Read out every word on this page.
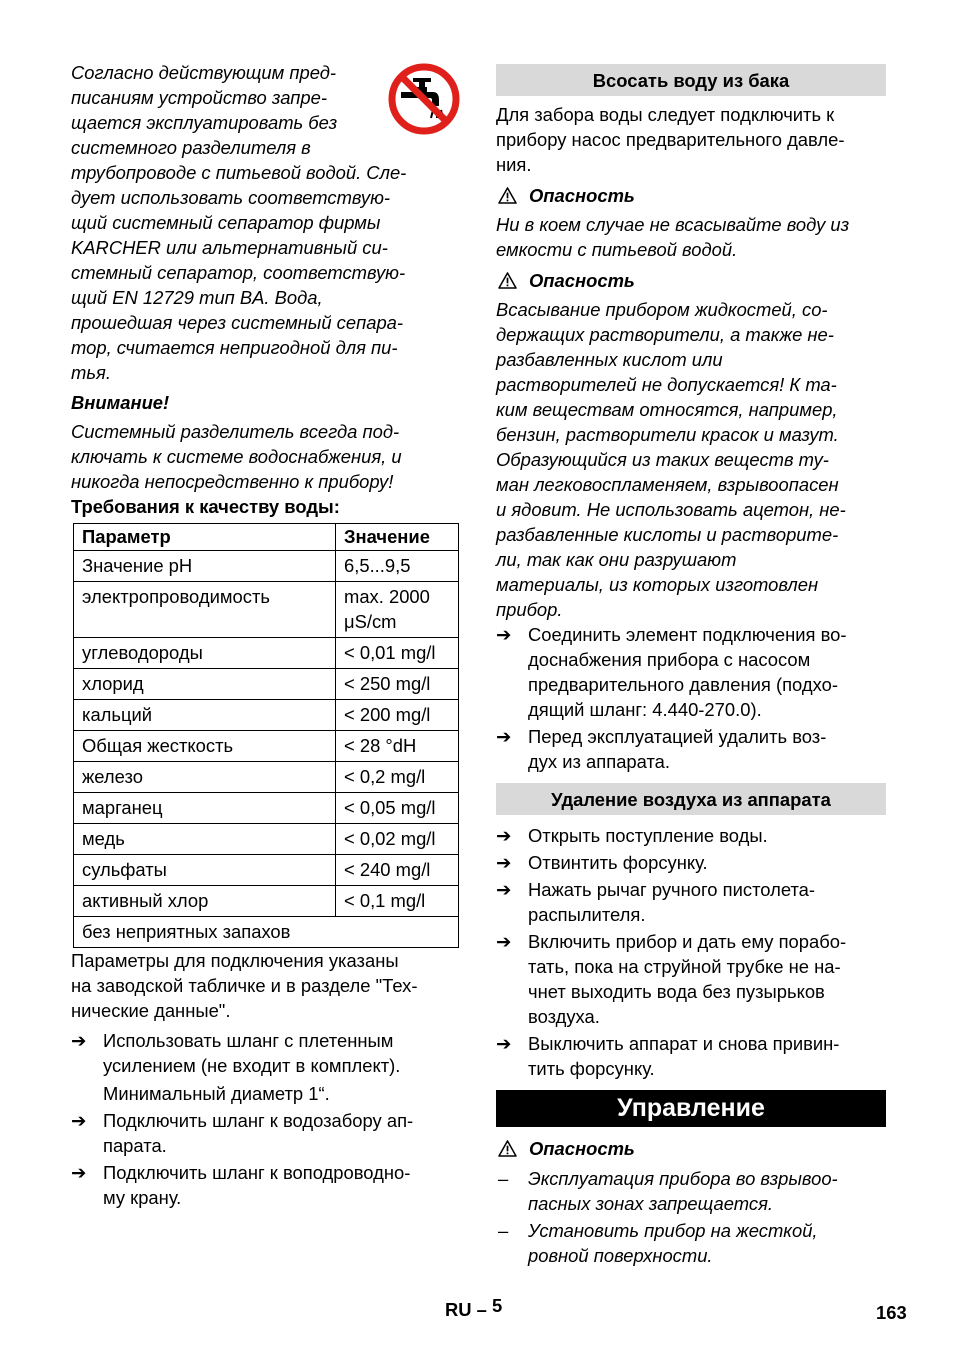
Согласно действующим пред-
писаниям устройство запре-
щается эксплуатировать без
системного разделителя в
трубопроводе с питьевой водой. Сле-
дует использовать соответствую-
щий системный сепаратор фирмы
KARCHER или альтернативный си-
стемный сепаратор, соответствую-
щий EN 12729 тип BA. Вода,
прошедшая через системный сепара-
тор, считается непригодной для пи-
тья.

Внимание!

Системный разделитель всегда под-
ключать к системе водоснабжения, и
никогда непосредственно к прибору!

Требования к качеству воды:

Параметр	Значение
Значение pH	6,5...9,5
электропроводимость	max. 2000 μS/cm
углеводороды	< 0,01 mg/l
хлорид	< 250 mg/l
кальций	< 200 mg/l
Общая жесткость	< 28 °dH
железо	< 0,2 mg/l
марганец	< 0,05 mg/l
медь	< 0,02 mg/l
сульфаты	< 240 mg/l
активный хлор	< 0,1 mg/l
без неприятных запахов	
Параметры для подключения указаны
на заводской табличке и в разделе "Тех-
нические данные".
➔ Использовать шланг с плетенным
усилением (не входит в комплект).

Минимальный диаметр 1“.

➔ Подключить шланг к водозабору ап-
парата.
➔ Подключить шланг к воподроводно-
му крану.
Всосать воду из бака
Для забора воды следует подключить к
прибору насос предварительного давле-
ния.
Опасность
Ни в коем случае не всасывайте воду из
емкости с питьевой водой.
Опасность
Всасывание прибором жидкостей, со-
держащих растворители, а также не-
разбавленных кислот или
растворителей не допускается! К та-
ким веществам относятся, например,
бензин, растворители красок и мазут.
Образующийся из таких веществ ту-
ман легковоспламеняем, взрывоопасен
и ядовит. Не использовать ацетон, не-
разбавленные кислоты и растворите-
ли, так как они разрушают
материалы, из которых изготовлен
прибор.
➔ Соединить элемент подключения во-
доснабжения прибора с насосом
предварительного давления (подхо-
дящий шланг: 4.440-270.0).
➔ Перед эксплуатацией удалить воз-
дух из аппарата.
Удаление воздуха из аппарата
➔ Открыть поступление воды.
➔ Отвинтить форсунку.
➔ Нажать рычаг ручного пистолета-
распылителя.
➔ Включить прибор и дать ему порабо-
тать, пока на струйной трубке не на-
чнет выходить вода без пузырьков
воздуха.
➔ Выключить аппарат и снова привин-
тить форсунку.
Управление
Опасность
– Эксплуатация прибора во взрывоо-
пасных зонах запрещается.
– Установить прибор на жесткой,
ровной поверхности.
RU – 5	163
